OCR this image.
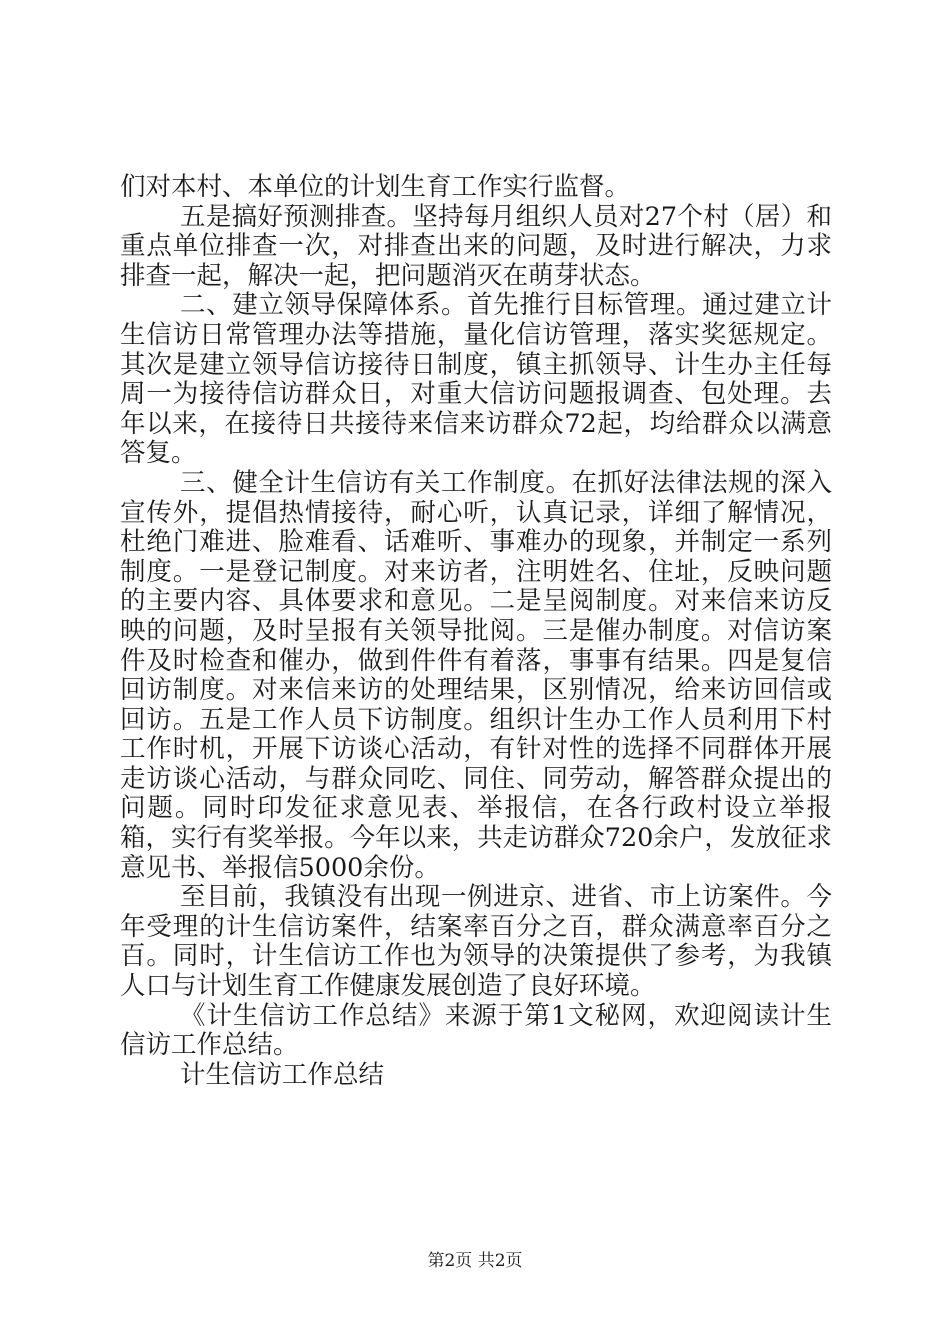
们对本村、本单位的计划生育工作实行监督。

五是搞好预测排查。坚持每月组织人员对27个村（居）和重点单位排查一次，对排查出来的问题，及时进行解决，力求排查一起，解决一起，把问题消灭在萌芽状态。

二、建立领导保障体系。首先推行目标管理。通过建立计生信访日常管理办法等措施，量化信访管理，落实奖惩规定。其次是建立领导信访接待日制度，镇主抓领导、计生办主任每周一为接待信访群众日，对重大信访问题报调查、包处理。去年以来，在接待日共接待来信来访群众72起，均给群众以满意答复。

三、健全计生信访有关工作制度。在抓好法律法规的深入宣传外，提倡热情接待，耐心听，认真记录，详细了解情况，杜绝门难进、脸难看、话难听、事难办的现象，并制定一系列制度。一是登记制度。对来访者，注明姓名、住址，反映问题的主要内容、具体要求和意见。二是呈阅制度。对来信来访反映的问题，及时呈报有关领导批阅。三是催办制度。对信访案件及时检查和催办，做到件件有着落，事事有结果。四是复信回访制度。对来信来访的处理结果，区别情况，给来访回信或回访。五是工作人员下访制度。组织计生办工作人员利用下村工作时机，开展下访谈心活动，有针对性的选择不同群体开展走访谈心活动，与群众同吃、同住、同劳动，解答群众提出的问题。同时印发征求意见表、举报信，在各行政村设立举报箱，实行有奖举报。今年以来，共走访群众720余户，发放征求意见书、举报信5000余份。

至目前，我镇没有出现一例进京、进省、市上访案件。今年受理的计生信访案件，结案率百分之百，群众满意率百分之百。同时，计生信访工作也为领导的决策提供了参考，为我镇人口与计划生育工作健康发展创造了良好环境。

《计生信访工作总结》来源于第1文秘网，欢迎阅读计生信访工作总结。

计生信访工作总结

第2页 共2页
